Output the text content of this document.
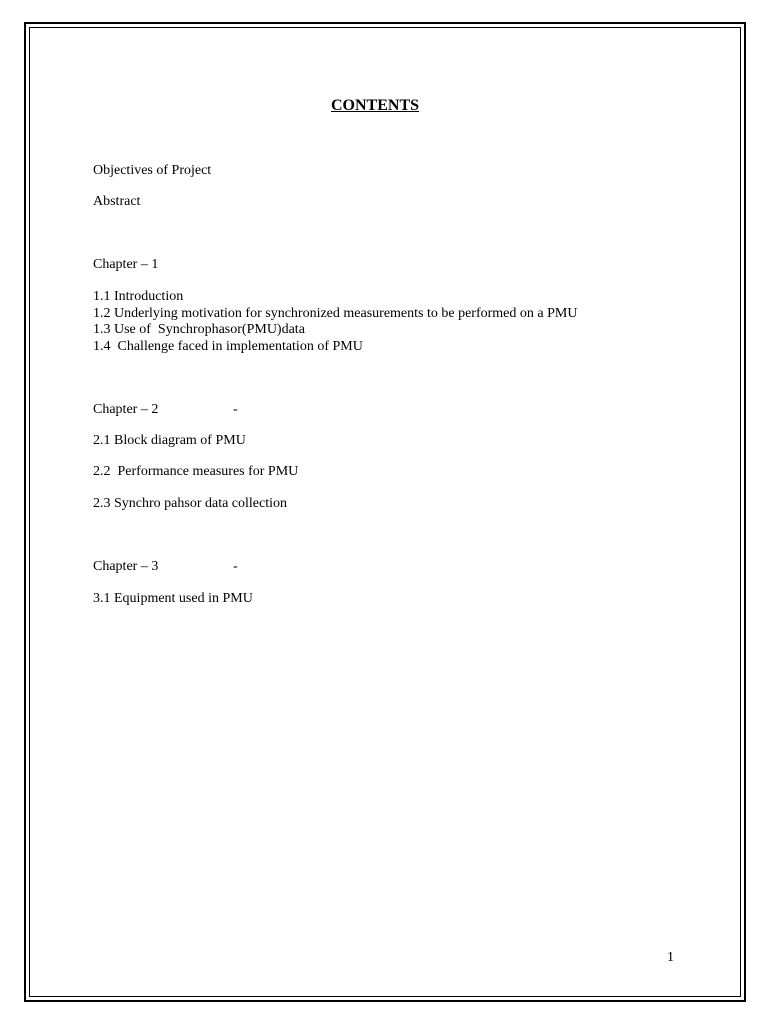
CONTENTS
Objectives of Project
Abstract
Chapter – 1
1.1 Introduction
1.2 Underlying motivation for synchronized measurements to be performed on a PMU
1.3 Use of  Synchrophasor(PMU)data
1.4  Challenge faced in implementation of PMU
Chapter – 2	-
2.1 Block diagram of PMU
2.2  Performance measures for PMU
2.3 Synchro pahsor data collection
Chapter – 3	-
3.1 Equipment used in PMU
1
